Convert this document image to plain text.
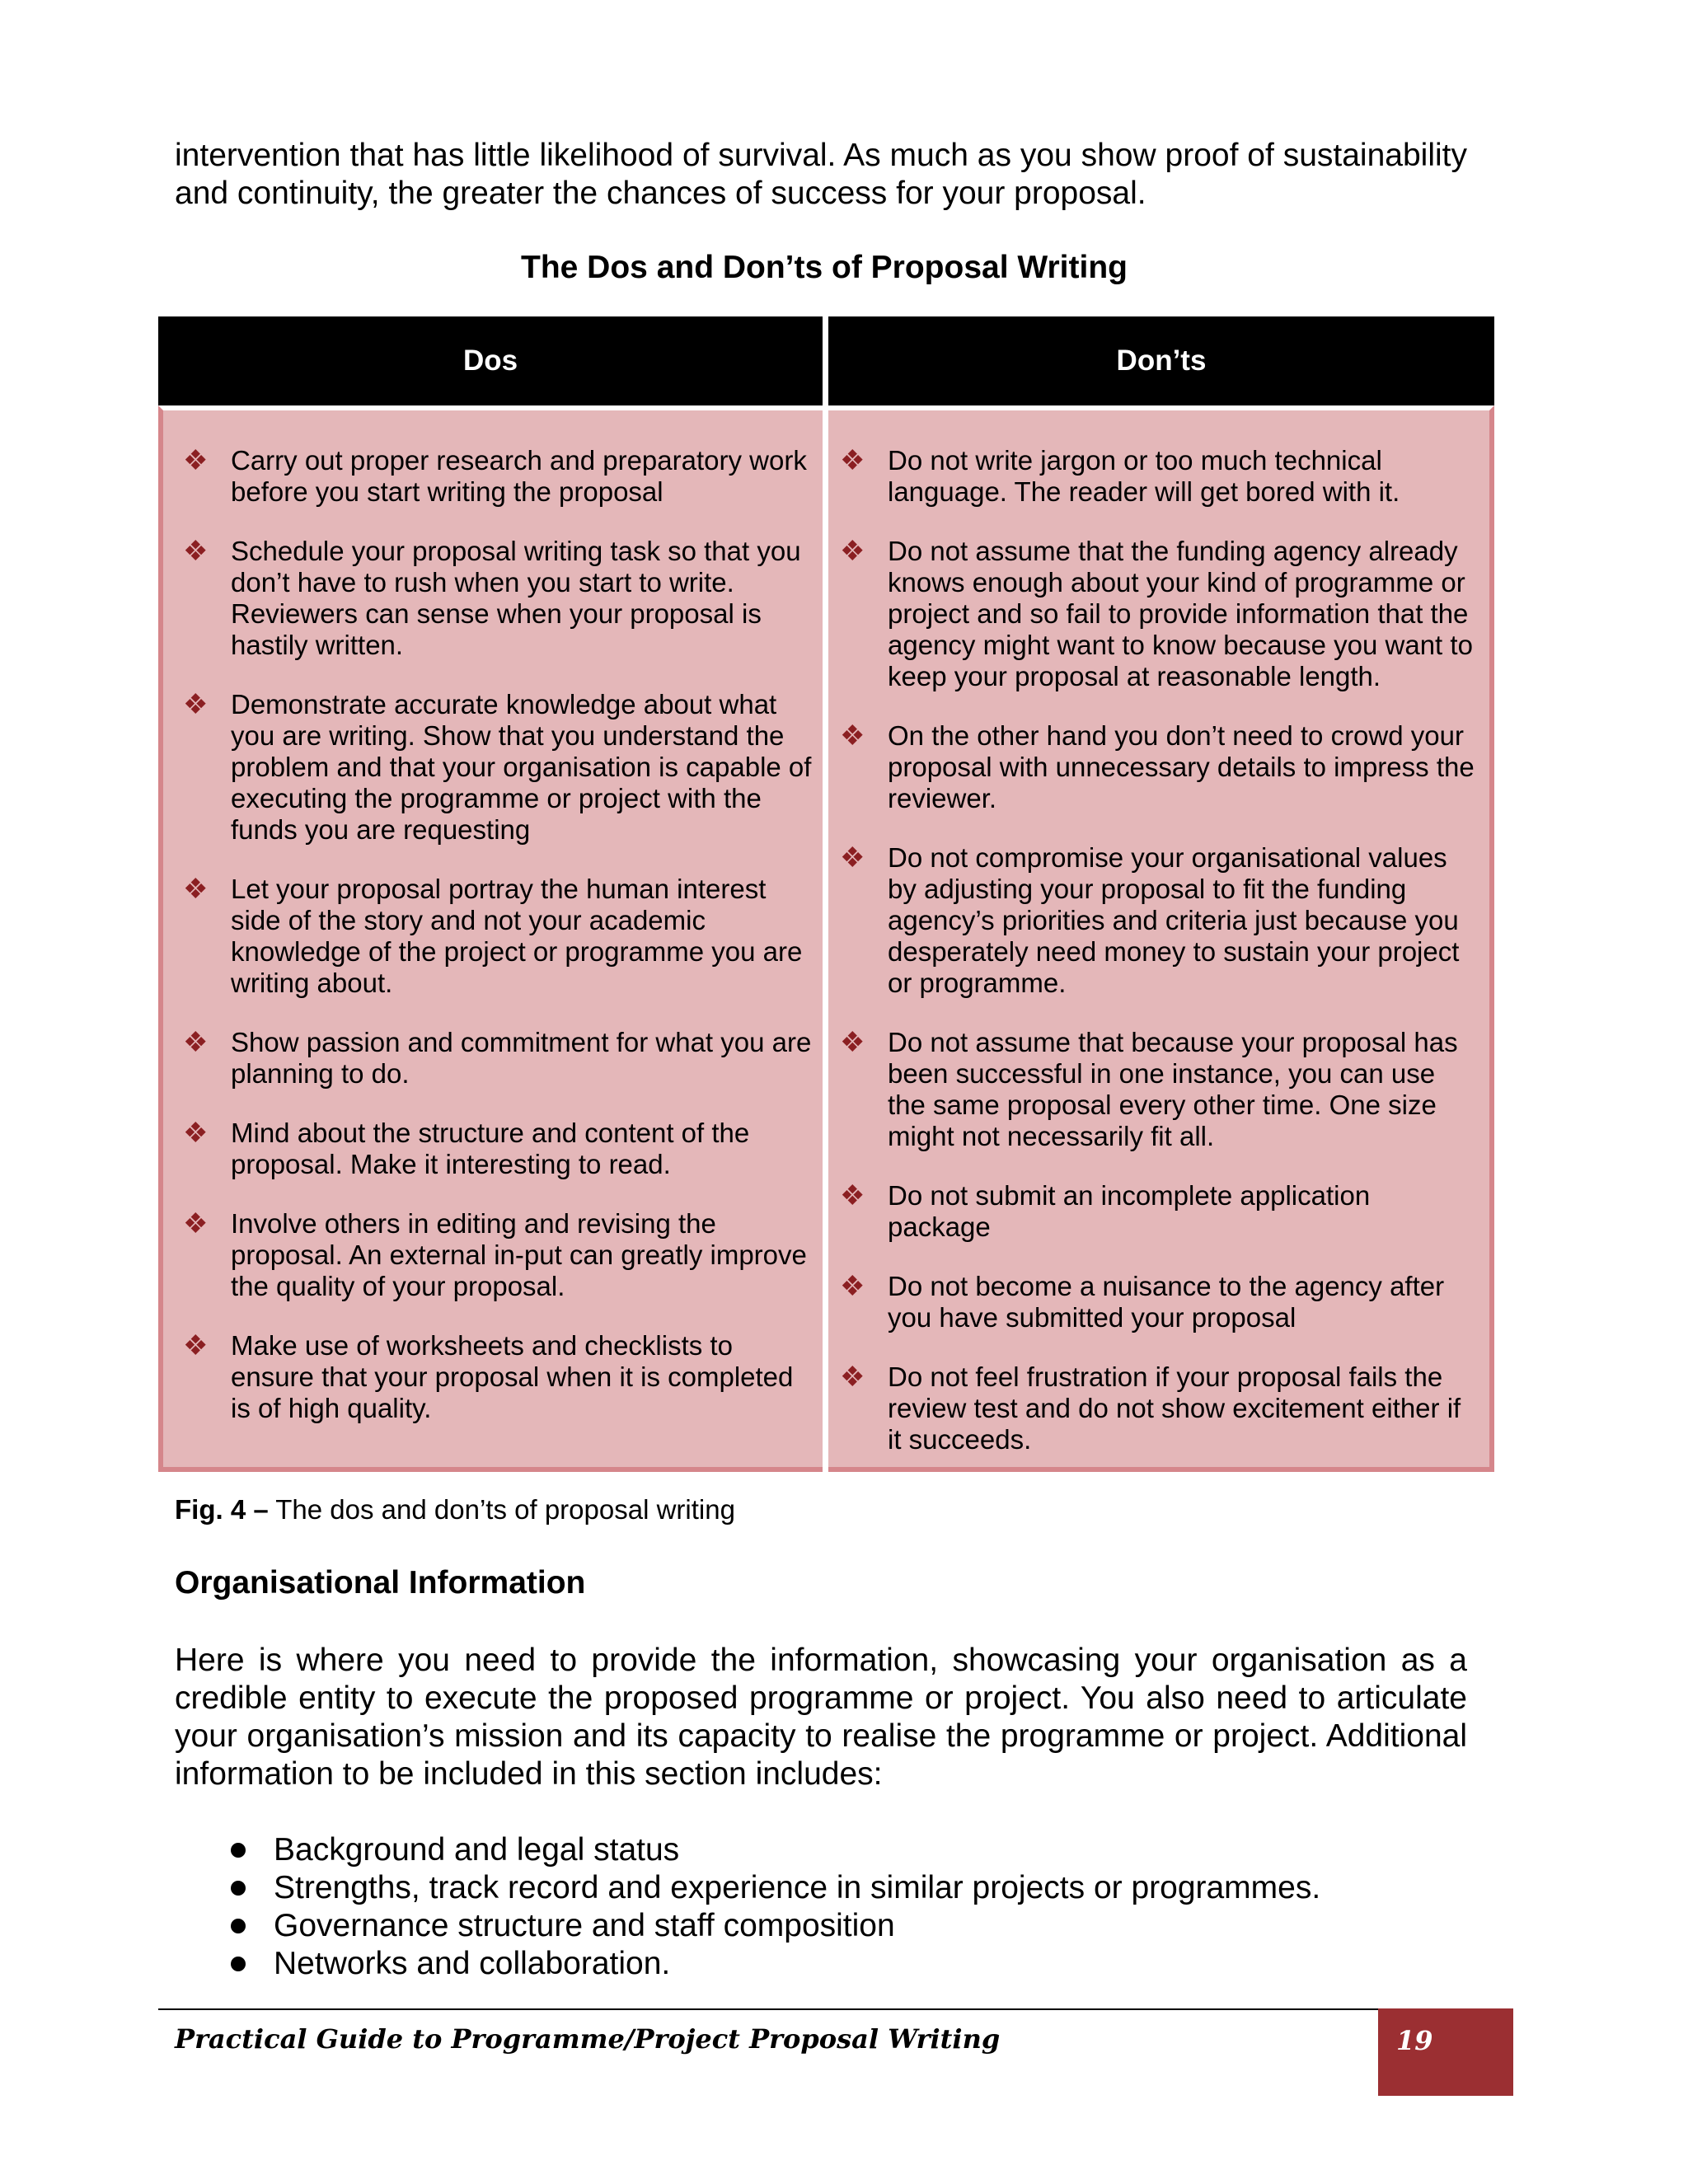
intervention that has little likelihood of survival. As much as you show proof of sustainability and continuity, the greater the chances of success for your proposal.

The Dos and Don’ts of Proposal Writing
Dos	Don’ts
❖ Carry out proper research and preparatory work before you start writing the proposal
❖ Schedule your proposal writing task so that you don’t have to rush when you start to write. Reviewers can sense when your proposal is hastily written.
❖ Demonstrate accurate knowledge about what you are writing. Show that you understand the problem and that your organisation is capable of executing the programme or project with the funds you are requesting
❖ Let your proposal portray the human interest side of the story and not your academic knowledge of the project or programme you are writing about.
❖ Show passion and commitment for what you are planning to do.
❖ Mind about the structure and content of the proposal. Make it interesting to read.
❖ Involve others in editing and revising the proposal. An external in-put can greatly improve the quality of your proposal.
❖ Make use of worksheets and checklists to ensure that your proposal when it is completed is of high quality.
❖ Do not write jargon or too much technical language. The reader will get bored with it.
❖ Do not assume that the funding agency already knows enough about your kind of programme or project and so fail to provide information that the agency might want to know because you want to keep your proposal at reasonable length.
❖ On the other hand you don’t need to crowd your proposal with unnecessary details to impress the reviewer.
❖ Do not compromise your organisational values by adjusting your proposal to fit the funding agency’s priorities and criteria just because you desperately need money to sustain your project or programme.
❖ Do not assume that because your proposal has been successful in one instance, you can use the same proposal every other time. One size might not necessarily fit all.
❖ Do not submit an incomplete application package
❖ Do not become a nuisance to the agency after you have submitted your proposal
❖ Do not feel frustration if your proposal fails the review test and do not show excitement either if it succeeds.

Fig. 4 – The dos and don’ts of proposal writing

Organisational Information

Here is where you need to provide the information, showcasing your organisation as a credible entity to execute the proposed programme or project. You also need to articulate your organisation’s mission and its capacity to realise the programme or project. Additional information to be included in this section includes:

Background and legal status
Strengths, track record and experience in similar projects or programmes.
Governance structure and staff composition
Networks and collaboration.

Practical Guide to Programme/Project Proposal Writing	19
